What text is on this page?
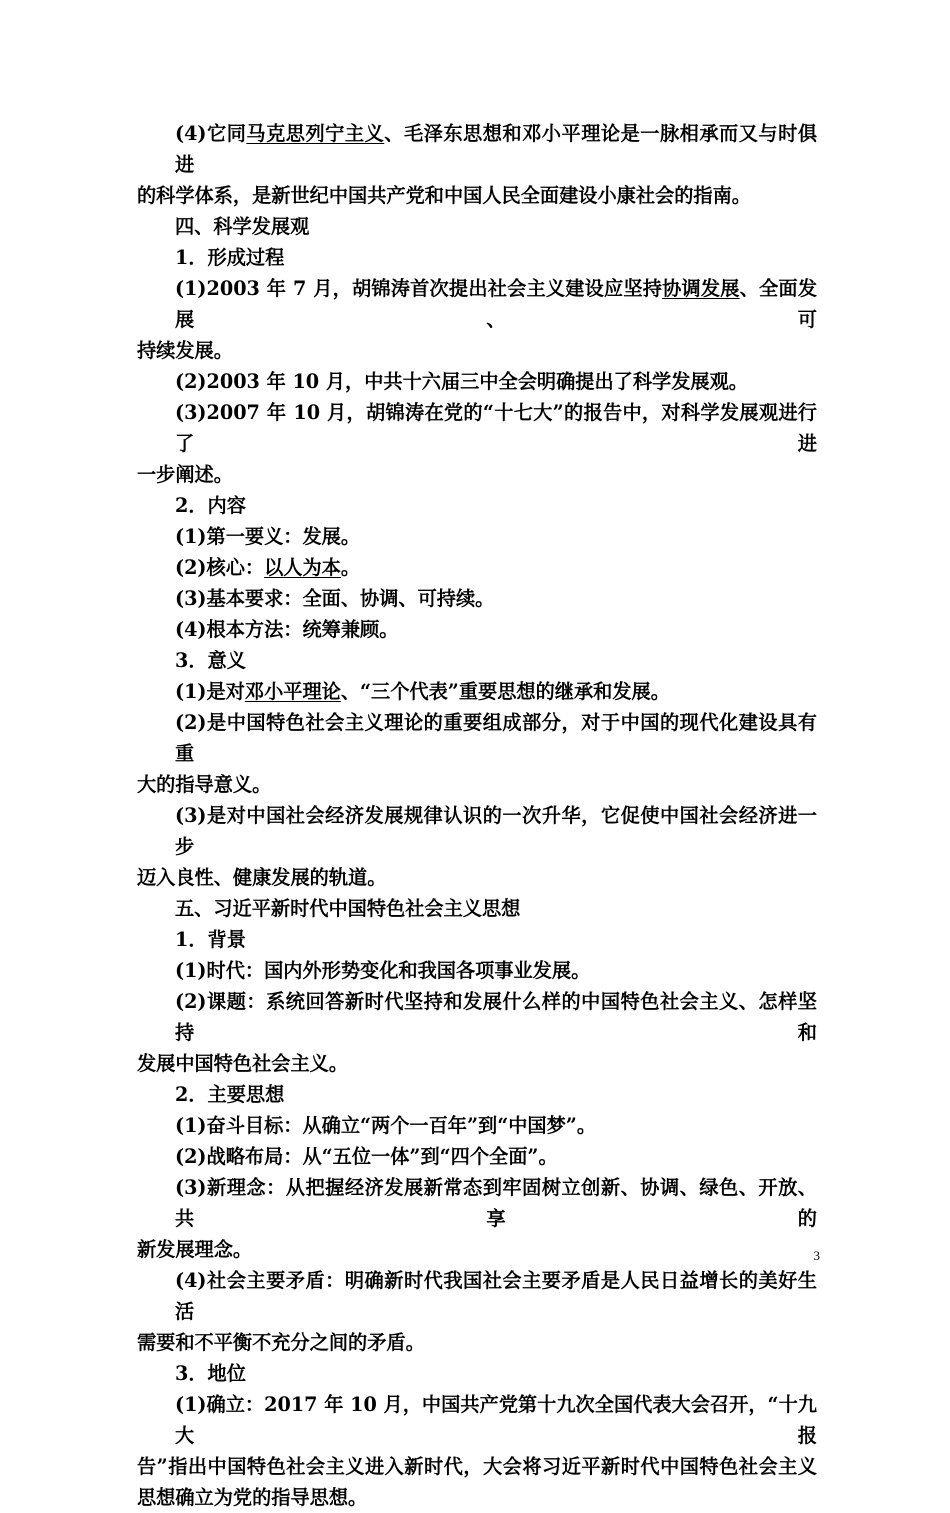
(4)它同马克思列宁主义、毛泽东思想和邓小平理论是一脉相承而又与时俱进
的科学体系，是新世纪中国共产党和中国人民全面建设小康社会的指南。
四、科学发展观
1．形成过程
(1)2003 年 7 月，胡锦涛首次提出社会主义建设应坚持协调发展、全面发展、可
持续发展。
(2)2003 年 10 月，中共十六届三中全会明确提出了科学发展观。
(3)2007 年 10 月，胡锦涛在党的“十七大”的报告中，对科学发展观进行了进
一步阐述。
2．内容
(1)第一要义：发展。
(2)核心：以人为本。
(3)基本要求：全面、协调、可持续。
(4)根本方法：统筹兼顾。
3．意义
(1)是对邓小平理论、“三个代表”重要思想的继承和发展。
(2)是中国特色社会主义理论的重要组成部分，对于中国的现代化建设具有重
大的指导意义。
(3)是对中国社会经济发展规律认识的一次升华，它促使中国社会经济进一步
迈入良性、健康发展的轨道。
五、习近平新时代中国特色社会主义思想
1．背景
(1)时代：国内外形势变化和我国各项事业发展。
(2)课题：系统回答新时代坚持和发展什么样的中国特色社会主义、怎样坚持和
发展中国特色社会主义。
2．主要思想
(1)奋斗目标：从确立“两个一百年”到“中国梦”。
(2)战略布局：从“五位一体”到“四个全面”。
(3)新理念：从把握经济发展新常态到牢固树立创新、协调、绿色、开放、共享的
新发展理念。
(4)社会主要矛盾：明确新时代我国社会主要矛盾是人民日益增长的美好生活
需要和不平衡不充分之间的矛盾。
3．地位
(1)确立：2017 年 10 月，中国共产党第十九次全国代表大会召开，“十九大报
告”指出中国特色社会主义进入新时代，大会将习近平新时代中国特色社会主义
思想确立为党的指导思想。
3
